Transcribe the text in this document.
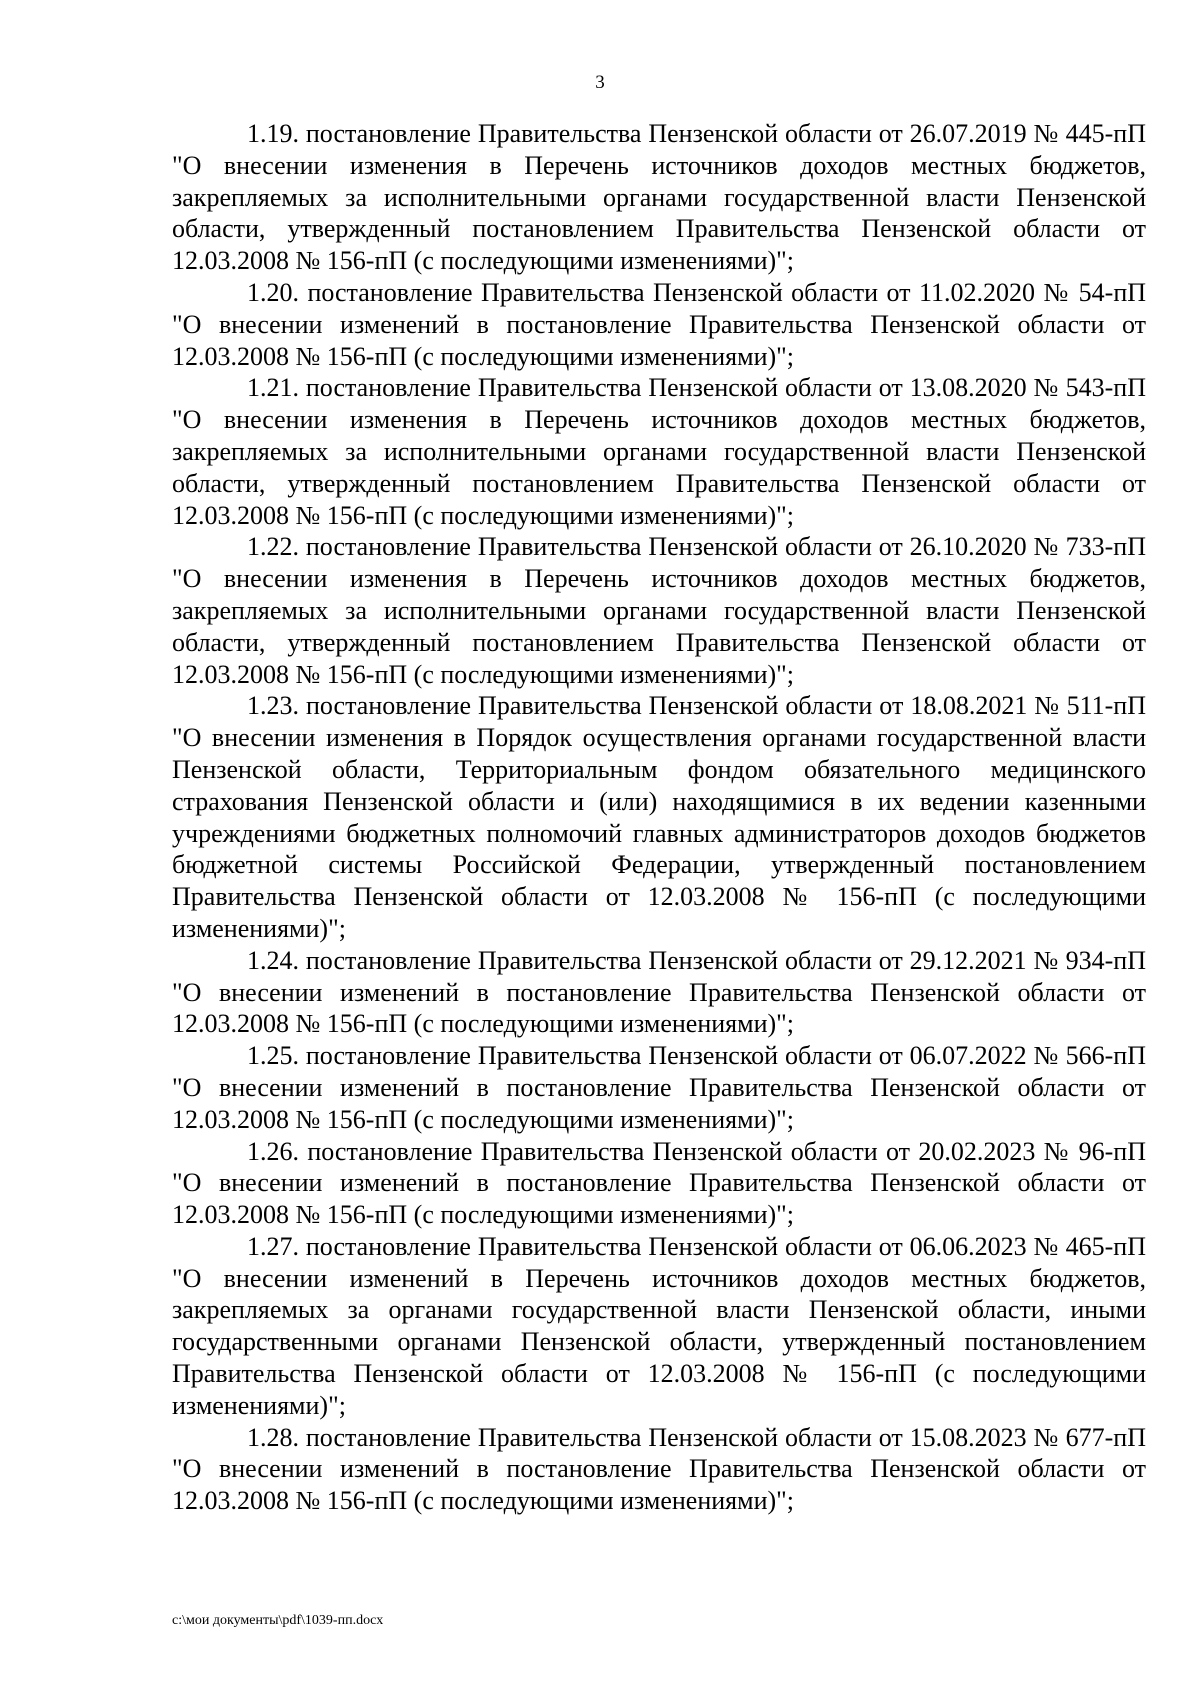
3

1.19. постановление Правительства Пензенской области от 26.07.2019 № 445-пП "О внесении изменения в Перечень источников доходов местных бюджетов, закрепляемых за исполнительными органами государственной власти Пензенской области, утвержденный постановлением Правительства Пензенской области от 12.03.2008 № 156-пП (с последующими изменениями)";

1.20. постановление Правительства Пензенской области от 11.02.2020 № 54-пП "О внесении изменений в постановление Правительства Пензенской области от 12.03.2008 № 156-пП (с последующими изменениями)";

1.21. постановление Правительства Пензенской области от 13.08.2020 № 543-пП "О внесении изменения в Перечень источников доходов местных бюджетов, закрепляемых за исполнительными органами государственной власти Пензенской области, утвержденный постановлением Правительства Пензенской области от 12.03.2008 № 156-пП (с последующими изменениями)";

1.22. постановление Правительства Пензенской области от 26.10.2020 № 733-пП "О внесении изменения в Перечень источников доходов местных бюджетов, закрепляемых за исполнительными органами государственной власти Пензенской области, утвержденный постановлением Правительства Пензенской области от 12.03.2008 № 156-пП (с последующими изменениями)";

1.23. постановление Правительства Пензенской области от 18.08.2021 № 511-пП "О внесении изменения в Порядок осуществления органами государственной власти Пензенской области, Территориальным фондом обязательного медицинского страхования Пензенской области и (или) находящимися в их ведении казенными учреждениями бюджетных полномочий главных администраторов доходов бюджетов бюджетной системы Российской Федерации, утвержденный постановлением Правительства Пензенской области от 12.03.2008 № 156-пП (с последующими изменениями)";

1.24. постановление Правительства Пензенской области от 29.12.2021 № 934-пП "О внесении изменений в постановление Правительства Пензенской области от 12.03.2008 № 156-пП (с последующими изменениями)";

1.25. постановление Правительства Пензенской области от 06.07.2022 № 566-пП "О внесении изменений в постановление Правительства Пензенской области от 12.03.2008 № 156-пП (с последующими изменениями)";

1.26. постановление Правительства Пензенской области от 20.02.2023 № 96-пП "О внесении изменений в постановление Правительства Пензенской области от 12.03.2008 № 156-пП (с последующими изменениями)";

1.27. постановление Правительства Пензенской области от 06.06.2023 № 465-пП "О внесении изменений в Перечень источников доходов местных бюджетов, закрепляемых за органами государственной власти Пензенской области, иными государственными органами Пензенской области, утвержденный постановлением Правительства Пензенской области от 12.03.2008 № 156-пП (с последующими изменениями)";

1.28. постановление Правительства Пензенской области от 15.08.2023 № 677-пП "О внесении изменений в постановление Правительства Пензенской области от 12.03.2008 № 156-пП (с последующими изменениями)";

c:\мои документы\pdf\1039-пп.docx
